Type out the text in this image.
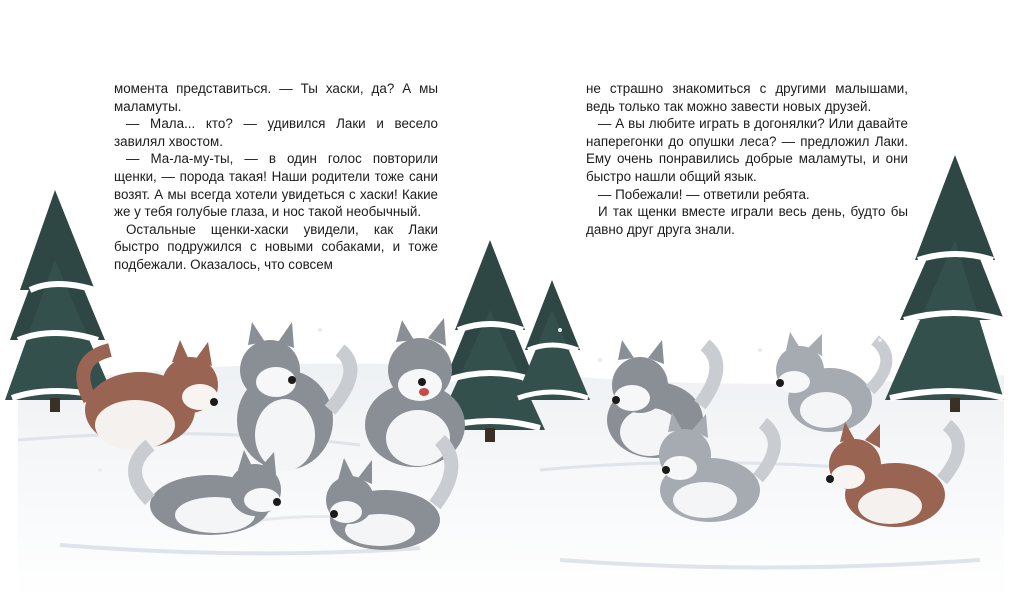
момента представиться. — Ты хаски, да? А мы маламуты.

— Мала... кто? — удивился Лаки и весело завилял хвостом.

— Ма-ла-му-ты, — в один голос повторили щенки, — порода такая! Наши родители тоже сани возят. А мы всегда хотели увидеться с хаски! Какие же у тебя голубые глаза, и нос такой необычный.

Остальные щенки-хаски увидели, как Лаки быстро подружился с новыми собаками, и тоже подбежали. Оказалось, что совсем

не страшно знакомиться с другими малышами, ведь только так можно завести новых друзей.

— А вы любите играть в догонялки? Или давайте наперегонки до опушки леса? — предложил Лаки. Ему очень понравились добрые маламуты, и они быстро нашли общий язык.

— Побежали! — ответили ребята.

И так щенки вместе играли весь день, будто бы давно друг друга знали.
